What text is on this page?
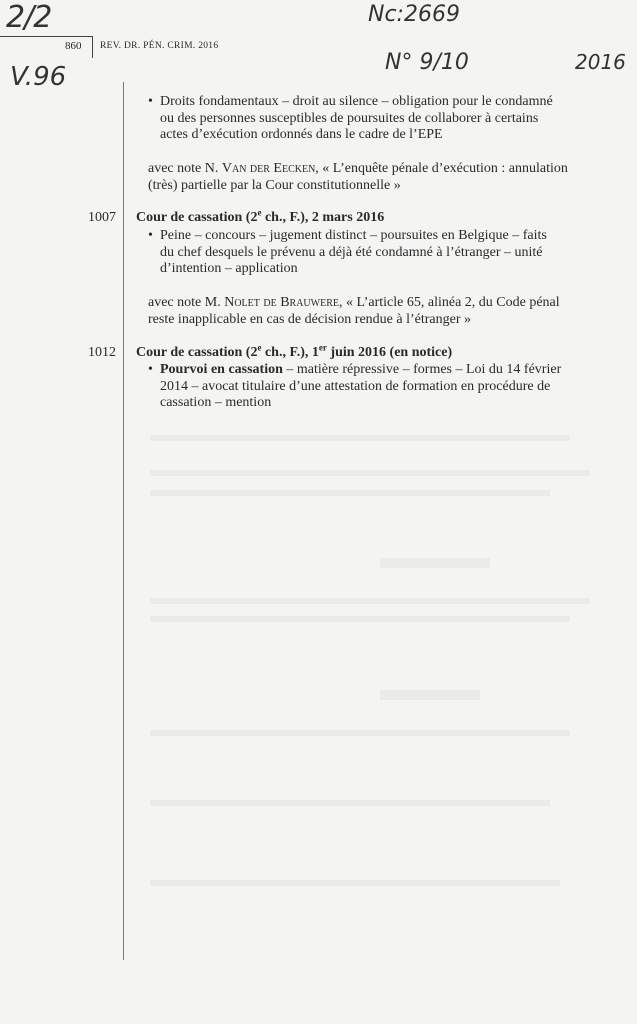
2/2	Nc:2669
V.96	N° 9/10	2016
860 REV. DR. PÉN. CRIM. 2016
• Droits fondamentaux – droit au silence – obligation pour le condamné
ou des personnes susceptibles de poursuites de collaborer à certains
actes d’exécution ordonnés dans le cadre de l’EPE
avec note N. Van der Eecken, « L’enquête pénale d’exécution : annulation
(très) partielle par la Cour constitutionnelle »
1007 Cour de cassation (2e ch., F.), 2 mars 2016
• Peine – concours – jugement distinct – poursuites en Belgique – faits
du chef desquels le prévenu a déjà été condamné à l’étranger – unité
d’intention – application
avec note M. Nolet de Brauwere, « L’article 65, alinéa 2, du Code pénal
reste inapplicable en cas de décision rendue à l’étranger »
1012 Cour de cassation (2e ch., F.), 1er juin 2016 (en notice)
• Pourvoi en cassation – matière répressive – formes – Loi du 14 février
2014 – avocat titulaire d’une attestation de formation en procédure de
cassation – mention
